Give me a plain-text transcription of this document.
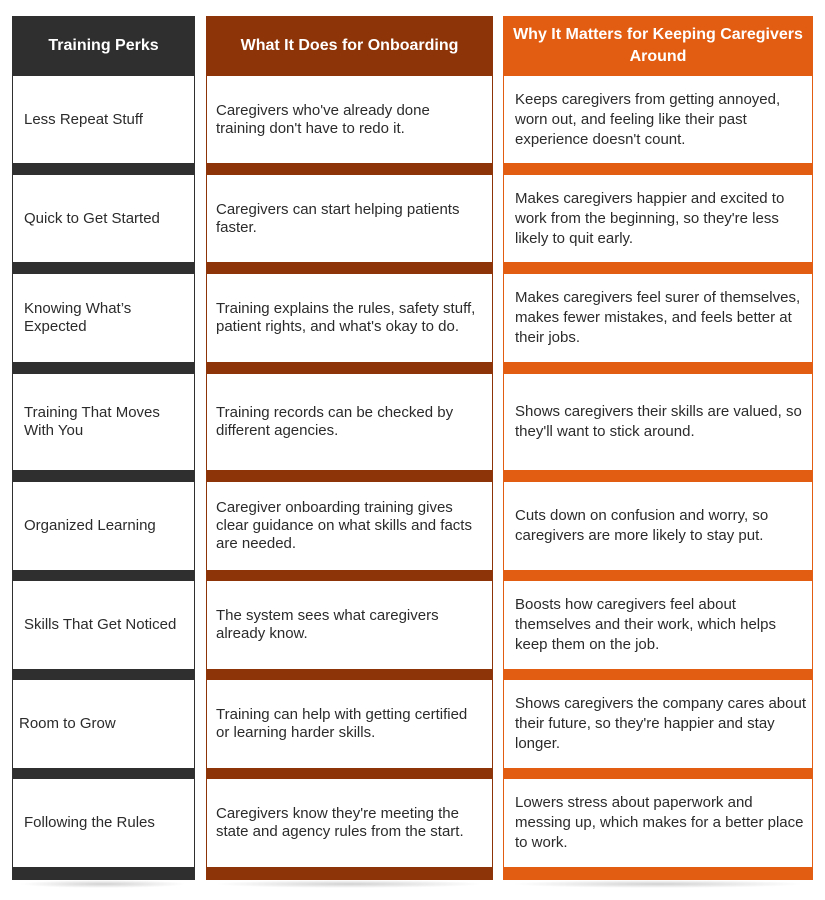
Training Perks
Less Repeat Stuff
Quick to Get Started
Knowing What’s Expected
Training That Moves With You
Organized Learning
Skills That Get Noticed
Room to Grow
Following the Rules
What It Does for Onboarding
Caregivers who've already done training don't have to redo it.
Caregivers can start helping patients faster.
Training explains the rules, safety stuff, patient rights, and what's okay to do.
Training records can be checked by different agencies.
Caregiver onboarding training gives clear guidance on what skills and facts are needed.
The system sees what caregivers already know.
Training can help with getting certified or learning harder skills.
Caregivers know they're meeting the state and agency rules from the start.
Why It Matters for Keeping Caregivers Around
Keeps caregivers from getting annoyed, worn out, and feeling like their past experience doesn't count.
Makes caregivers happier and excited to work from the beginning, so they're less likely to quit early.
Makes caregivers feel surer of themselves, makes fewer mistakes, and feels better at their jobs.
Shows caregivers their skills are valued, so they'll want to stick around.
Cuts down on confusion and worry, so caregivers are more likely to stay put.
Boosts how caregivers feel about themselves and their work, which helps keep them on the job.
Shows caregivers the company cares about their future, so they're happier and stay longer.
Lowers stress about paperwork and messing up, which makes for a better place to work.
